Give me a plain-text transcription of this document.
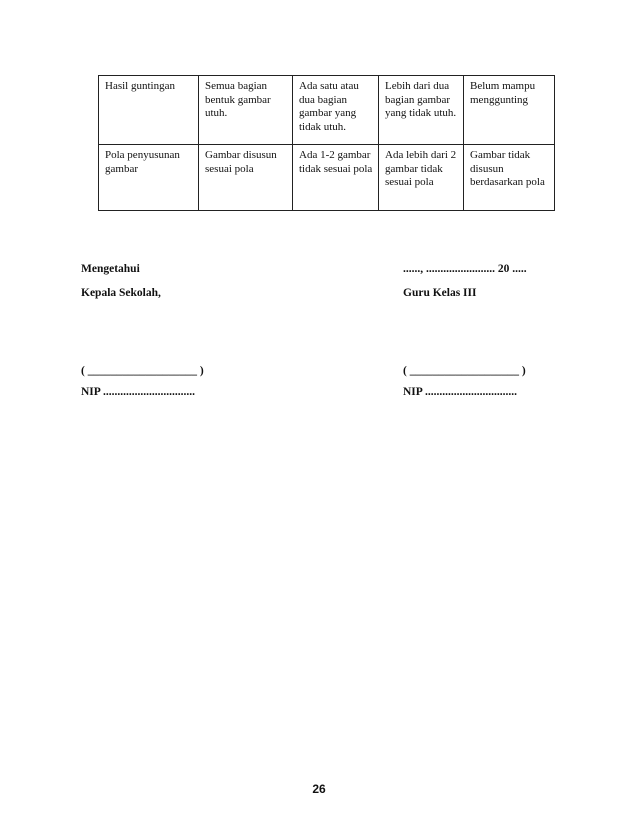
Hasil guntingan	Semua bagian bentuk gambar utuh.	Ada satu atau dua bagian gambar yang tidak utuh.	Lebih dari dua bagian gambar yang tidak utuh.	Belum mampu menggunting
Pola penyusunan gambar	Gambar disusun sesuai pola	Ada 1-2 gambar tidak sesuai pola	Ada lebih dari 2 gambar tidak sesuai pola	Gambar tidak disusun berdasarkan pola
Mengetahui
Kepala Sekolah,
( ___________________ )
NIP ................................
......, ........................ 20 .....
Guru Kelas III
( ___________________ )
NIP ................................
26
